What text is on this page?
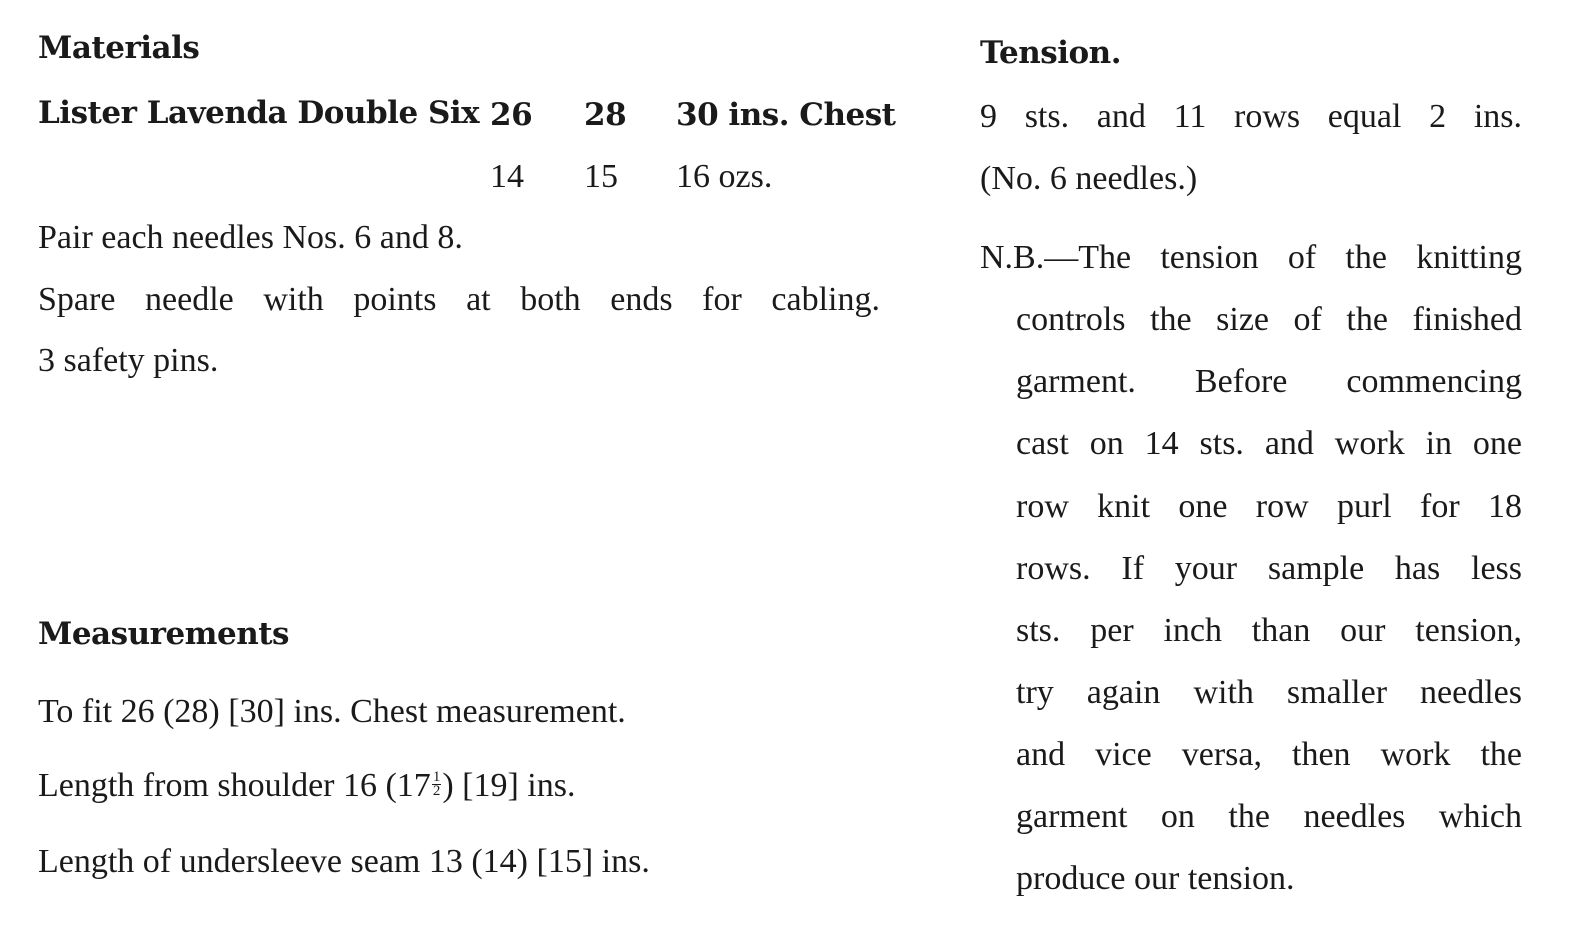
Materials
Lister Lavenda Double Six 26 28 30 ins. Chest
14 15 16 ozs.
Pair each needles Nos. 6 and 8.
Spare needle with points at both ends for cabling.
3 safety pins.
Measurements
To fit 26 (28) [30] ins. Chest measurement.
Length from shoulder 16 ($17 \frac{1}{2}$ ) [19] ins.
Length of undersleeve seam 13 (14) [15] ins.
Tension.
9 sts. and 11 rows equal 2 ins.
(No. 6 needles.)
N.B.—The tension of the knitting
controls the size of the finished
garment. Before commencing
cast on 14 sts. and work in one
row knit one row purl for 18
rows. If your sample has less
sts. per inch than our tension,
try again with smaller needles
and vice versa, then work the
garment on the needles which
produce our tension.
